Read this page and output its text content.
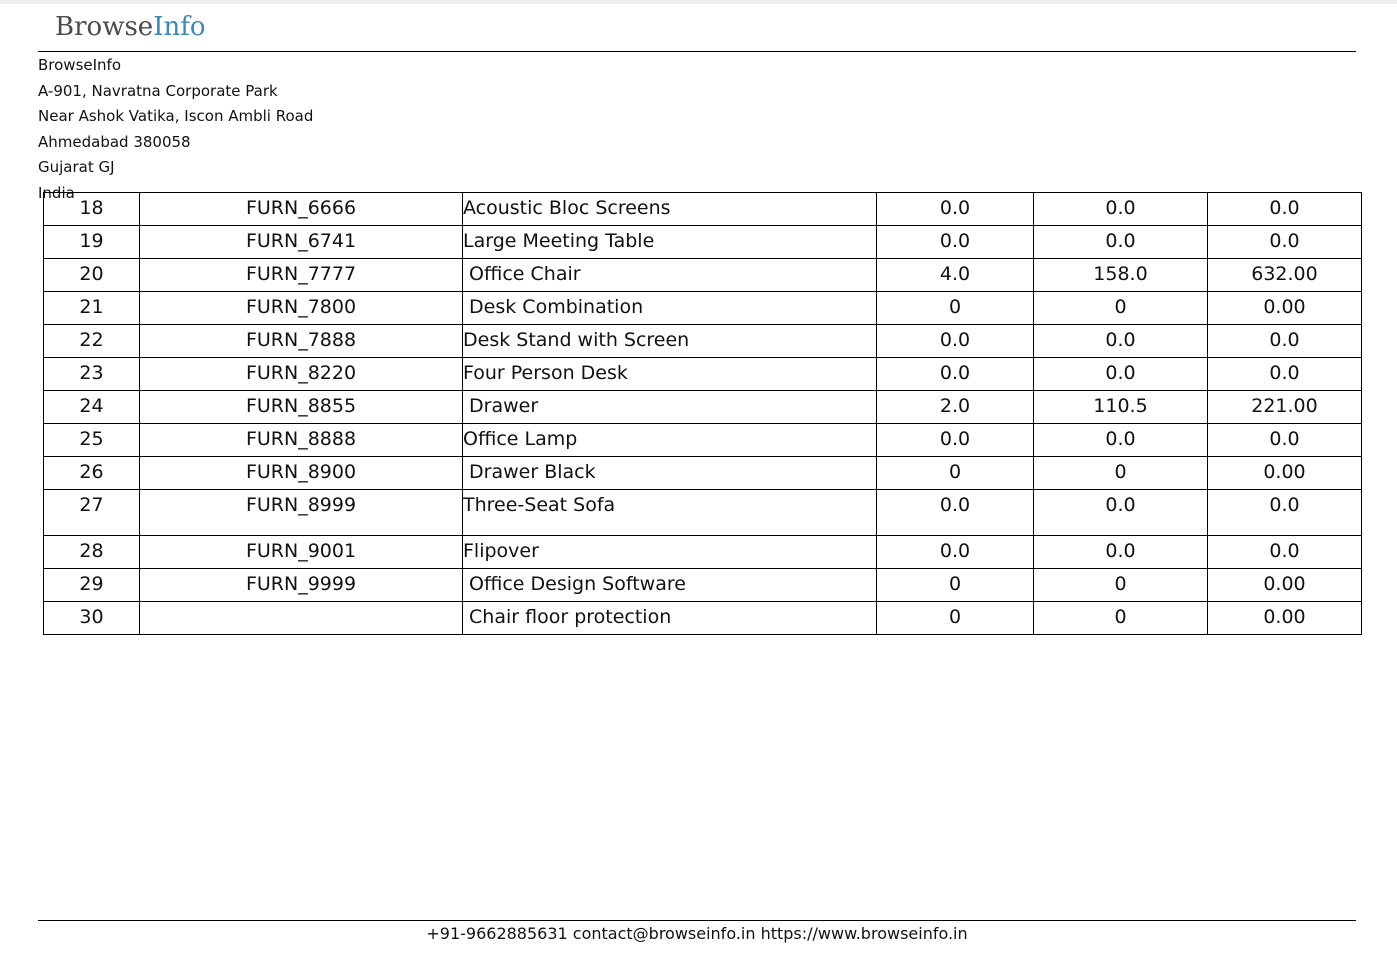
BrowseInfo
BrowseInfo
A-901, Navratna Corporate Park
Near Ashok Vatika, Iscon Ambli Road
Ahmedabad 380058
Gujarat GJ
India
18	FURN_6666	Acoustic Bloc Screens	0.0	0.0	0.0
19	FURN_6741	Large Meeting Table	0.0	0.0	0.0
20	FURN_7777	Office Chair	4.0	158.0	632.00
21	FURN_7800	Desk Combination	0	0	0.00
22	FURN_7888	Desk Stand with Screen	0.0	0.0	0.0
23	FURN_8220	Four Person Desk	0.0	0.0	0.0
24	FURN_8855	Drawer	2.0	110.5	221.00
25	FURN_8888	Office Lamp	0.0	0.0	0.0
26	FURN_8900	Drawer Black	0	0	0.00
27	FURN_8999	Three-Seat Sofa	0.0	0.0	0.0
28	FURN_9001	Flipover	0.0	0.0	0.0
29	FURN_9999	Office Design Software	0	0	0.00
30		Chair floor protection	0	0	0.00
+91-9662885631 contact@browseinfo.in https://www.browseinfo.in
